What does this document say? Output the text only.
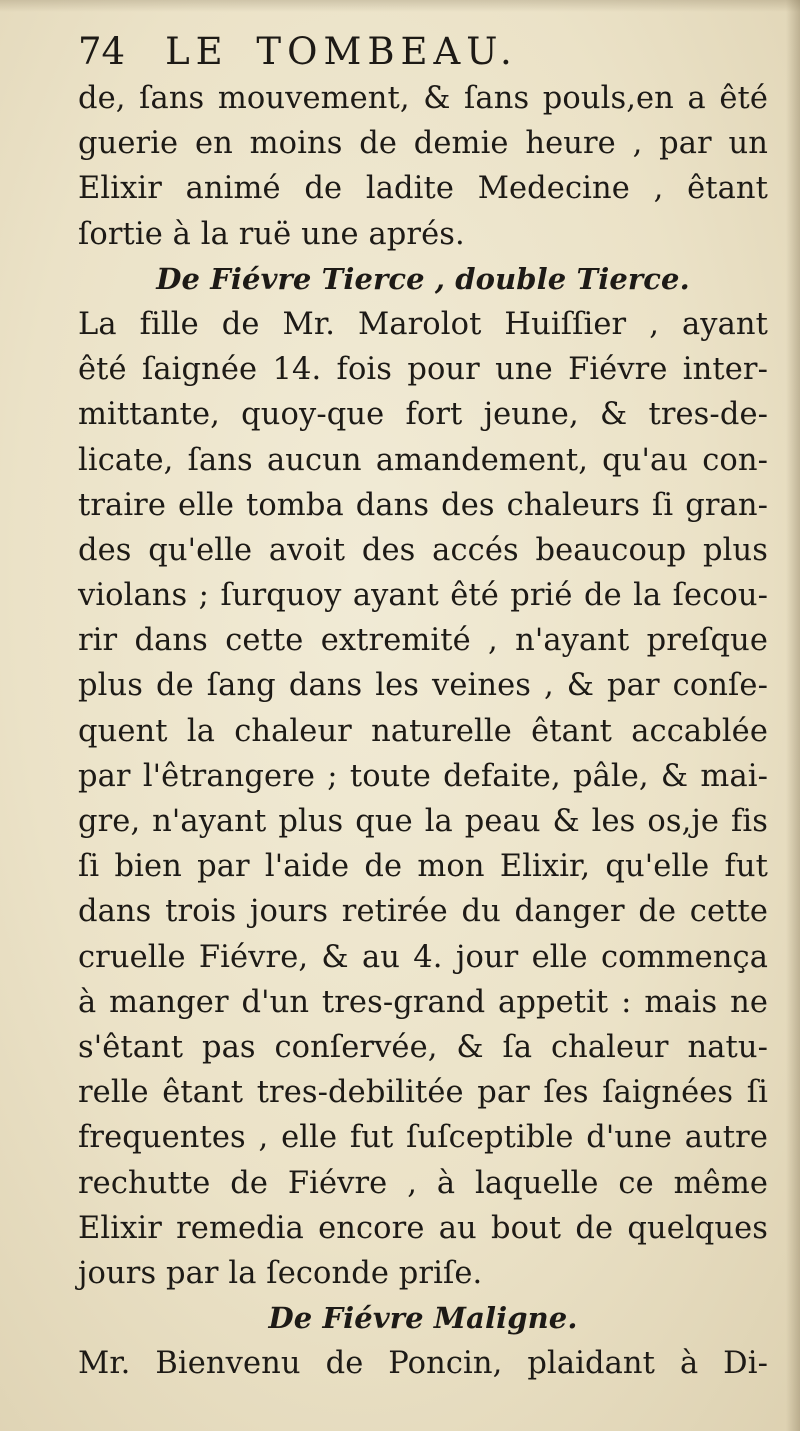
74 LE TOMBEAU.
de, ſans mouvement, & ſans pouls,en a êté
guerie en moins de demie heure , par un
Elixir animé de ladite Medecine , êtant
ſortie à la ruë une aprés.
De Fiévre Tierce , double Tierce.
La fille de Mr. Marolot Huiſſier , ayant
êté ſaignée 14. fois pour une Fiévre inter-
mittante, quoy-que fort jeune, & tres-de-
licate, ſans aucun amandement, qu'au con-
traire elle tomba dans des chaleurs ſi gran-
des qu'elle avoit des accés beaucoup plus
violans ; ſurquoy ayant êté prié de la ſecou-
rir dans cette extremité , n'ayant preſque
plus de ſang dans les veines , & par conſe-
quent la chaleur naturelle êtant accablée
par l'êtrangere ; toute defaite, pâle, & mai-
gre, n'ayant plus que la peau & les os,je fis
ſi bien par l'aide de mon Elixir, qu'elle fut
dans trois jours retirée du danger de cette
cruelle Fiévre, & au 4. jour elle commença
à manger d'un tres-grand appetit : mais ne
s'êtant pas conſervée, & ſa chaleur natu-
relle êtant tres-debilitée par ſes ſaignées ſi
frequentes , elle fut ſuſceptible d'une autre
rechutte de Fiévre , à laquelle ce même
Elixir remedia encore au bout de quelques
jours par la ſeconde priſe.
De Fiévre Maligne.
Mr. Bienvenu de Poncin, plaidant à Di-
